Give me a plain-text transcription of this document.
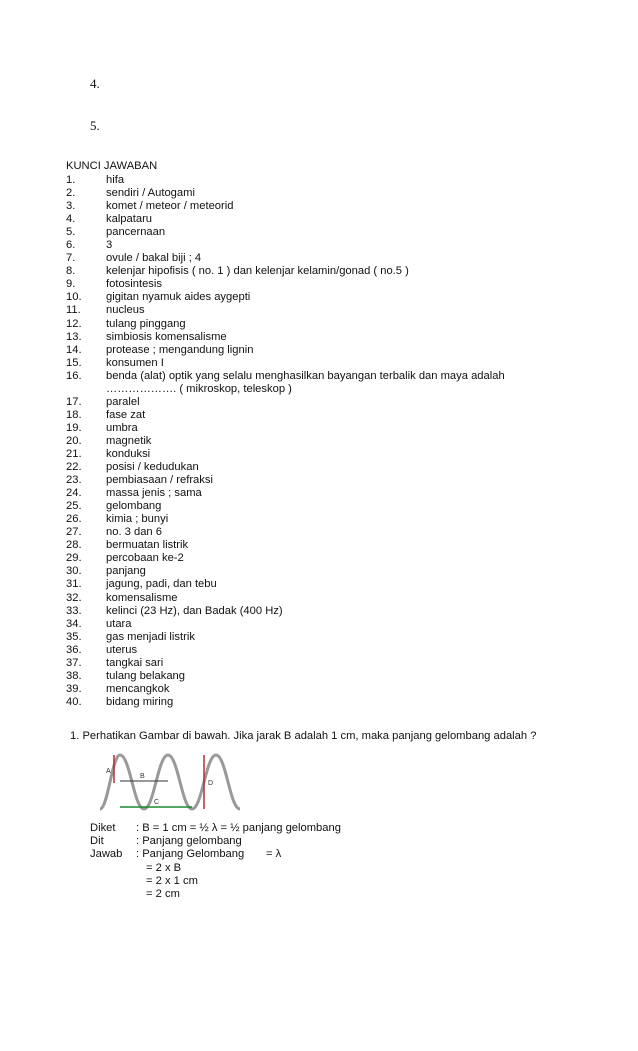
4.
5.
KUNCI JAWABAN
1.	hifa
2.	sendiri / Autogami
3.	komet / meteor / meteorid
4.	kalpataru
5.	pancernaan
6.	3
7.	ovule / bakal biji ; 4
8.	kelenjar hipofisis ( no. 1 ) dan kelenjar kelamin/gonad ( no.5 )
9.	fotosintesis
10.	gigitan nyamuk aides aygepti
11.	nucleus
12.	tulang pinggang
13.	simbiosis komensalisme
14.	protease ; mengandung lignin
15.	konsumen I
16.	benda (alat) optik yang selalu menghasilkan bayangan terbalik dan maya adalah
………………. ( mikroskop, teleskop )
17.	paralel
18.	fase zat
19.	umbra
20.	magnetik
21.	konduksi
22.	posisi / kedudukan
23.	pembiasaan / refraksi
24.	massa jenis ; sama
25.	gelombang
26.	kimia ; bunyi
27.	no. 3 dan 6
28.	bermuatan listrik
29.	percobaan ke-2
30.	panjang
31.	jagung, padi, dan tebu
32.	komensalisme
33.	kelinci (23 Hz), dan Badak (400 Hz)
34.	utara
35.	gas menjadi listrik
36.	uterus
37.	tangkai sari
38.	tulang belakang
39.	mencangkok
40.	bidang miring
1. Perhatikan Gambar di bawah. Jika jarak B adalah 1 cm, maka panjang gelombang adalah ?
A
B
C
D
Diket	: B = 1 cm = ½ λ = ½ panjang gelombang
Dit	: Panjang gelombang
Jawab	: Panjang Gelombang       = λ
= 2 x B
= 2 x 1 cm
= 2 cm
